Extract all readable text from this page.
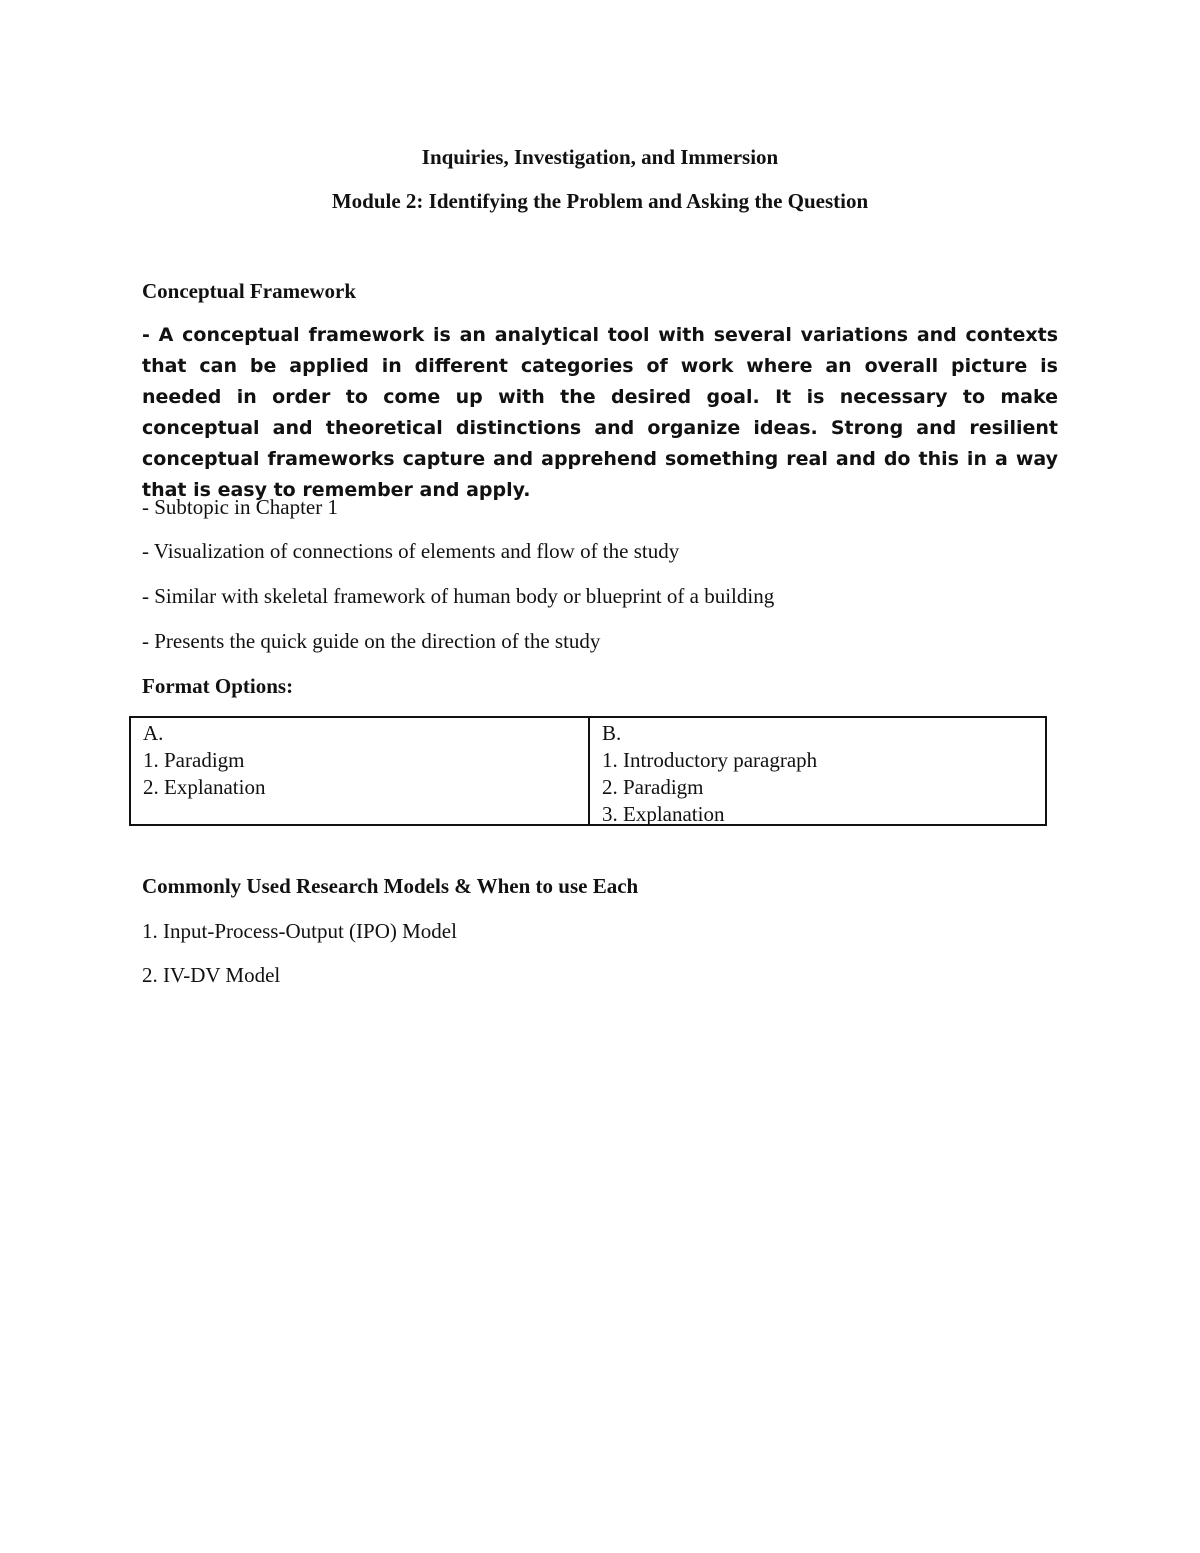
Inquiries, Investigation, and Immersion
Module 2: Identifying the Problem and Asking the Question
Conceptual Framework
- A conceptual framework is an analytical tool with several variations and contexts that can be applied in different categories of work where an overall picture is needed in order to come up with the desired goal. It is necessary to make conceptual and theoretical distinctions and organize ideas. Strong and resilient conceptual frameworks capture and apprehend something real and do this in a way that is easy to remember and apply.
- Subtopic in Chapter 1
- Visualization of connections of elements and flow of the study
- Similar with skeletal framework of human body or blueprint of a building
- Presents the quick guide on the direction of the study
Format Options:
A.
1. Paradigm
2. Explanation
B.
1. Introductory paragraph
2. Paradigm
3. Explanation
Commonly Used Research Models & When to use Each
1. Input-Process-Output (IPO) Model
2. IV-DV Model
